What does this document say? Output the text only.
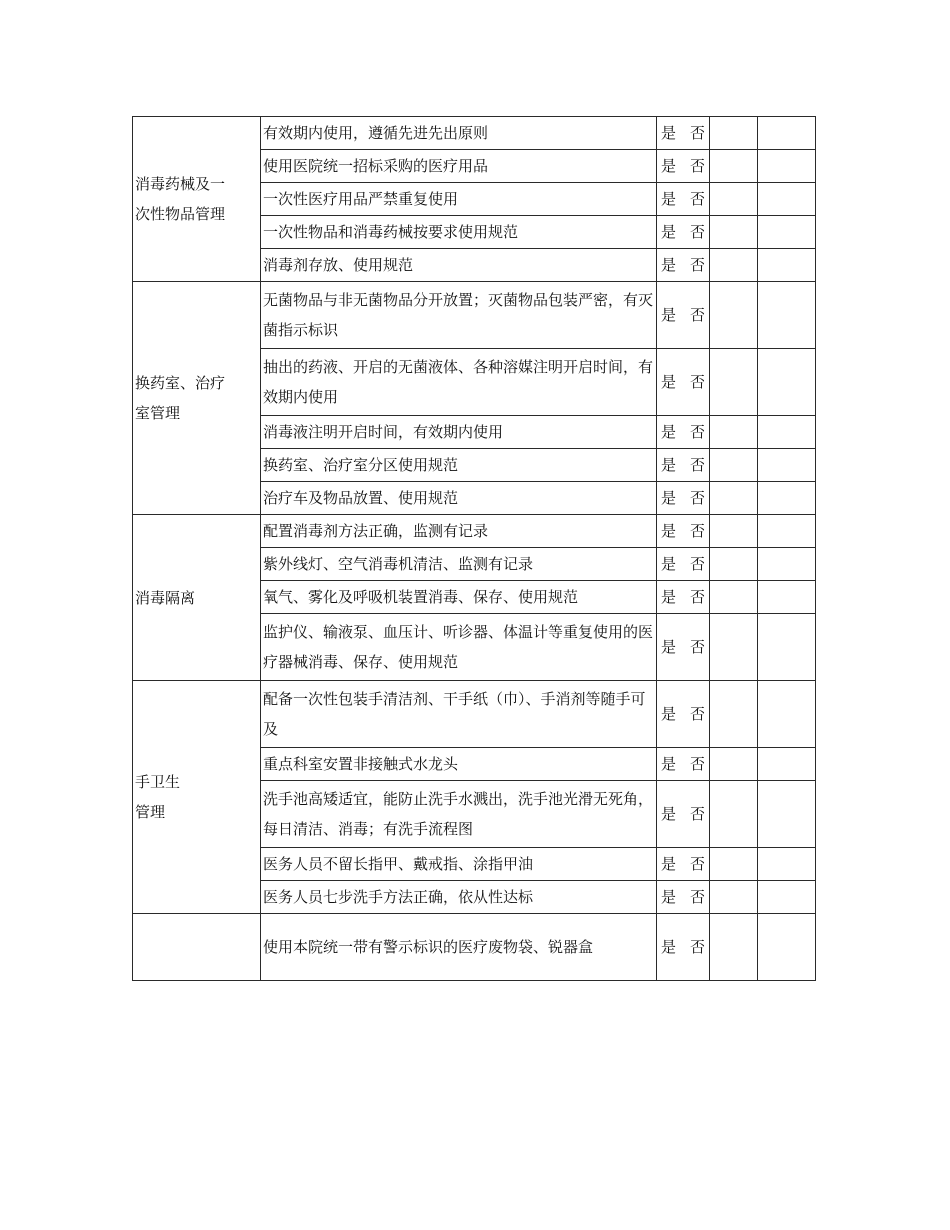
消毒药械及一
次性物品管理	有效期内使用，遵循先进先出原则	是 否		
	使用医院统一招标采购的医疗用品	是 否		
	一次性医疗用品严禁重复使用	是 否		
	一次性物品和消毒药械按要求使用规范	是 否		
	消毒剂存放、使用规范	是 否		

换药室、治疗
室管理	无菌物品与非无菌物品分开放置；灭菌物品包装严密，有灭菌指示标识	是 否		
	抽出的药液、开启的无菌液体、各种溶媒注明开启时间，有效期内使用	是 否		
	消毒液注明开启时间，有效期内使用	是 否		
	换药室、治疗室分区使用规范	是 否		
	治疗车及物品放置、使用规范	是 否		

消毒隔离	配置消毒剂方法正确，监测有记录	是 否		
	紫外线灯、空气消毒机清洁、监测有记录	是 否		
	氧气、雾化及呼吸机装置消毒、保存、使用规范	是 否		
	监护仪、输液泵、血压计、听诊器、体温计等重复使用的医疗器械消毒、保存、使用规范	是 否		

手卫生
管理	配备一次性包装手清洁剂、干手纸（巾）、手消剂等随手可及	是 否		
	重点科室安置非接触式水龙头	是 否		
	洗手池高矮适宜，能防止洗手水溅出，洗手池光滑无死角，每日清洁、消毒；有洗手流程图	是 否		
	医务人员不留长指甲、戴戒指、涂指甲油	是 否		
	医务人员七步洗手方法正确，依从性达标	是 否		
	使用本院统一带有警示标识的医疗废物袋、锐器盒	是 否		
